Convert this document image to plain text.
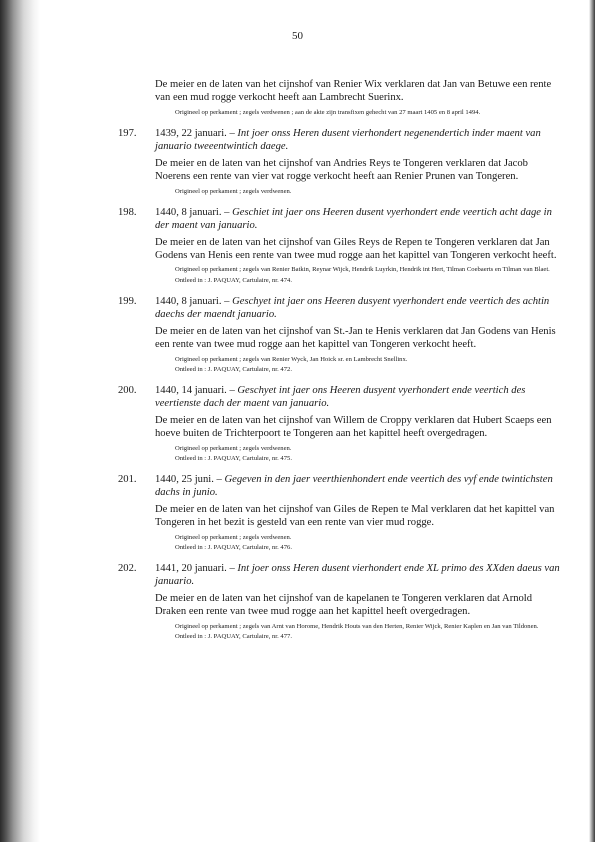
50

De meier en de laten van het cijnshof van Renier Wix verklaren dat Jan van Betuwe een rente van een mud rogge verkocht heeft aan Lambrecht Suerinx.

Origineel op perkament ; zegels verdwenen ; aan de akte zijn transfixen gehecht van 27 maart 1405 en 8 april 1494.

197. 1439, 22 januari. – Int joer onss Heren dusent vierhondert negenendertich inder maent van januario tweeentwintich daege.

De meier en de laten van het cijnshof van Andries Reys te Tongeren verklaren dat Jacob Noerens een rente van vier vat rogge verkocht heeft aan Renier Prunen van Tongeren.

Origineel op perkament ; zegels verdwenen.

198. 1440, 8 januari. – Geschiet int jaer ons Heeren dusent vyerhondert ende veertich acht dage in der maent van januario.

De meier en de laten van het cijnshof van Giles Reys de Repen te Tongeren verklaren dat Jan Godens van Henis een rente van twee mud rogge aan het kapittel van Tongeren verkocht heeft.

Origineel op perkament ; zegels van Renier Batkin, Reynar Wijck, Hendrik Luyrkin, Hendrik int Hert, Tilman Coebaerts en Tilman van Blaet.

Ontleed in : J. PAQUAY, Cartulaire, nr. 474.

199. 1440, 8 januari. – Geschyet int jaer ons Heeren dusyent vyerhondert ende veertich des achtin daechs der maendt januario.

De meier en de laten van het cijnshof van St.-Jan te Henis verklaren dat Jan Godens van Henis een rente van twee mud rogge aan het kapittel van Tongeren verkocht heeft.

Origineel op perkament ; zegels van Renier Wyck, Jan Hoick sr. en Lambrecht Snellinx.

Ontleed in : J. PAQUAY, Cartulaire, nr. 472.

200. 1440, 14 januari. – Geschyet int jaer ons Heeren dusyent vyerhondert ende veertich des veertienste dach der maent van januario.

De meier en de laten van het cijnshof van Willem de Croppy verklaren dat Hubert Scaeps een hoeve buiten de Trichterpoort te Tongeren aan het kapittel heeft overgedragen.

Origineel op perkament ; zegels verdwenen.

Ontleed in : J. PAQUAY, Cartulaire, nr. 475.

201. 1440, 25 juni. – Gegeven in den jaer veerthienhondert ende veertich des vyf ende twintichsten dachs in junio.

De meier en de laten van het cijnshof van Giles de Repen te Mal verklaren dat het kapittel van Tongeren in het bezit is gesteld van een rente van vier mud rogge.

Origineel op perkament ; zegels verdwenen.

Ontleed in : J. PAQUAY, Cartulaire, nr. 476.

202. 1441, 20 januari. – Int joer onss Heren dusent vierhondert ende XL primo des XXden daeus van januario.

De meier en de laten van het cijnshof van de kapelanen te Tongeren verklaren dat Arnold Draken een rente van twee mud rogge aan het kapittel heeft overgedragen.

Origineel op perkament ; zegels van Arnt van Horome, Hendrik Houts van den Herten, Renier Wijck, Renier Kaplen en Jan van Tildonen.

Ontleed in : J. PAQUAY, Cartulaire, nr. 477.
